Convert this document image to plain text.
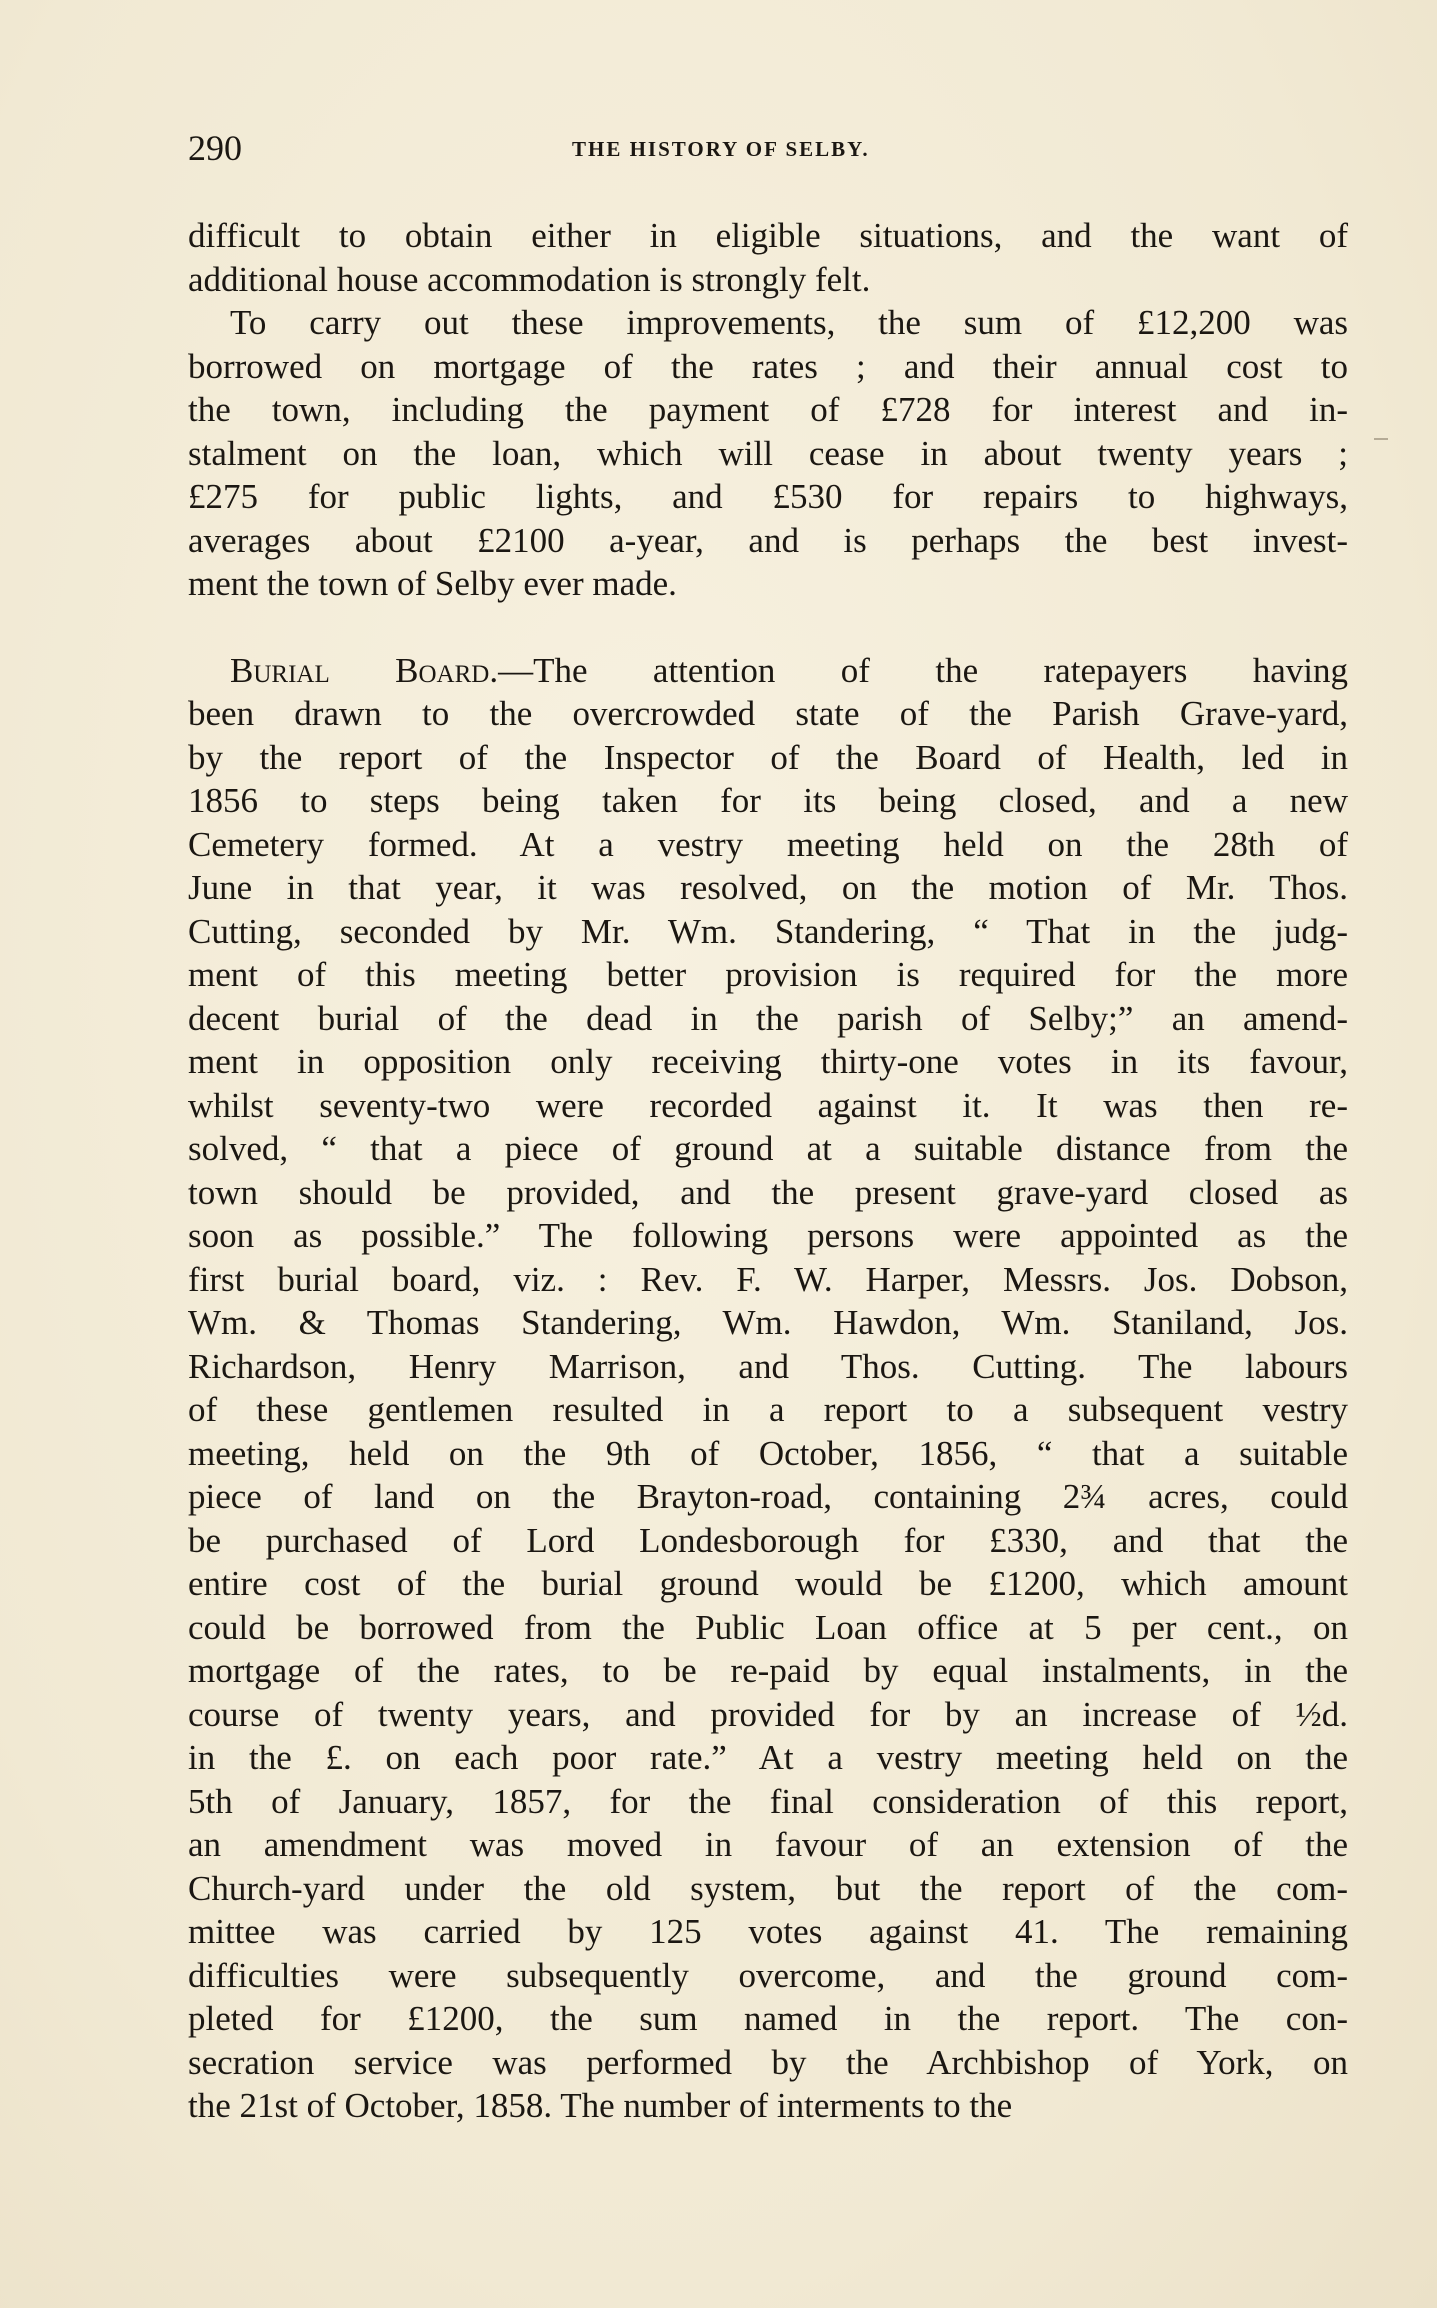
290	THE HISTORY OF SELBY.
difficult to obtain either in eligible situations, and the want of
additional house accommodation is strongly felt.
To carry out these improvements, the sum of £12,200 was
borrowed on mortgage of the rates ; and their annual cost to
the town, including the payment of £728 for interest and in-
stalment on the loan, which will cease in about twenty years ;
£275 for public lights, and £530 for repairs to highways,
averages about £2100 a-year, and is perhaps the best invest-
ment the town of Selby ever made.
Burial Board.—The attention of the ratepayers having
been drawn to the overcrowded state of the Parish Grave-yard,
by the report of the Inspector of the Board of Health, led in
1856 to steps being taken for its being closed, and a new
Cemetery formed. At a vestry meeting held on the 28th of
June in that year, it was resolved, on the motion of Mr. Thos.
Cutting, seconded by Mr. Wm. Standering, “ That in the judg-
ment of this meeting better provision is required for the more
decent burial of the dead in the parish of Selby;” an amend-
ment in opposition only receiving thirty-one votes in its favour,
whilst seventy-two were recorded against it. It was then re-
solved, “ that a piece of ground at a suitable distance from the
town should be provided, and the present grave-yard closed as
soon as possible.” The following persons were appointed as the
first burial board, viz. : Rev. F. W. Harper, Messrs. Jos. Dobson,
Wm. & Thomas Standering, Wm. Hawdon, Wm. Staniland, Jos.
Richardson, Henry Marrison, and Thos. Cutting. The labours
of these gentlemen resulted in a report to a subsequent vestry
meeting, held on the 9th of October, 1856, “ that a suitable
piece of land on the Brayton-road, containing 2¾ acres, could
be purchased of Lord Londesborough for £330, and that the
entire cost of the burial ground would be £1200, which amount
could be borrowed from the Public Loan office at 5 per cent., on
mortgage of the rates, to be re-paid by equal instalments, in the
course of twenty years, and provided for by an increase of ½d.
in the £. on each poor rate.” At a vestry meeting held on the
5th of January, 1857, for the final consideration of this report,
an amendment was moved in favour of an extension of the
Church-yard under the old system, but the report of the com-
mittee was carried by 125 votes against 41. The remaining
difficulties were subsequently overcome, and the ground com-
pleted for £1200, the sum named in the report. The con-
secration service was performed by the Archbishop of York, on
the 21st of October, 1858. The number of interments to the
